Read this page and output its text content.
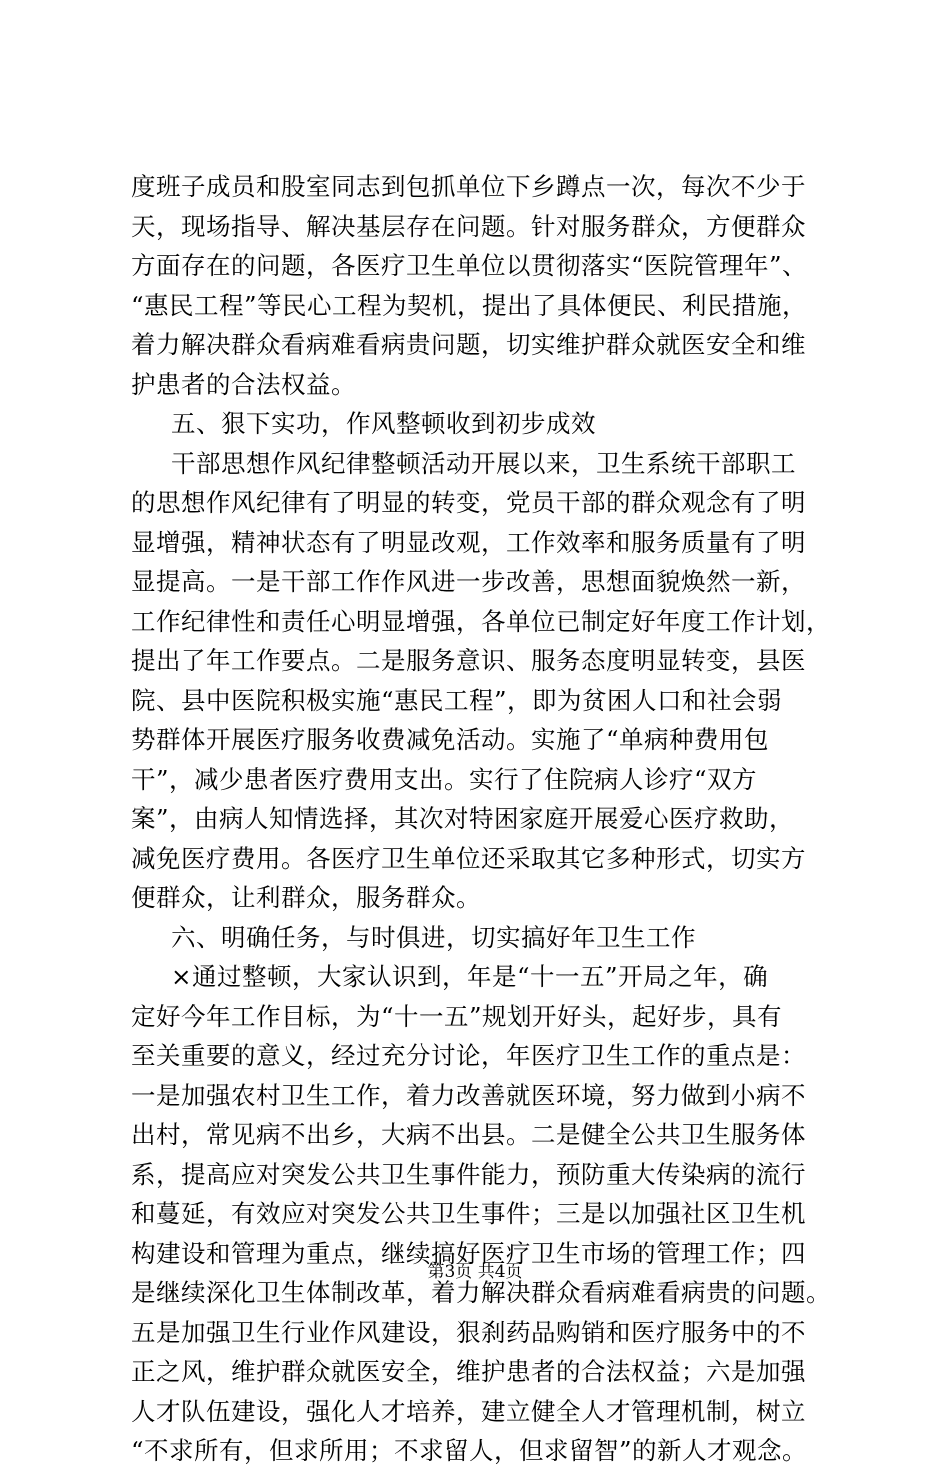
度班子成员和股室同志到包抓单位下乡蹲点一次，每次不少于
天，现场指导、解决基层存在问题。针对服务群众，方便群众
方面存在的问题，各医疗卫生单位以贯彻落实“医院管理年”、
“惠民工程”等民心工程为契机，提出了具体便民、利民措施，
着力解决群众看病难看病贵问题，切实维护群众就医安全和维
护患者的合法权益。
五、狠下实功，作风整顿收到初步成效
干部思想作风纪律整顿活动开展以来，卫生系统干部职工
的思想作风纪律有了明显的转变，党员干部的群众观念有了明
显增强，精神状态有了明显改观，工作效率和服务质量有了明
显提高。一是干部工作作风进一步改善，思想面貌焕然一新，
工作纪律性和责任心明显增强，各单位已制定好年度工作计划，
提出了年工作要点。二是服务意识、服务态度明显转变，县医
院、县中医院积极实施“惠民工程”，即为贫困人口和社会弱
势群体开展医疗服务收费减免活动。实施了“单病种费用包
干”，减少患者医疗费用支出。实行了住院病人诊疗“双方
案”，由病人知情选择，其次对特困家庭开展爱心医疗救助，
减免医疗费用。各医疗卫生单位还采取其它多种形式，切实方
便群众，让利群众，服务群众。
六、明确任务，与时俱进，切实搞好年卫生工作
×通过整顿，大家认识到，年是“十一五”开局之年，确
定好今年工作目标，为“十一五”规划开好头，起好步，具有
至关重要的意义，经过充分讨论，年医疗卫生工作的重点是：
一是加强农村卫生工作，着力改善就医环境，努力做到小病不
出村，常见病不出乡，大病不出县。二是健全公共卫生服务体
系，提高应对突发公共卫生事件能力，预防重大传染病的流行
和蔓延，有效应对突发公共卫生事件；三是以加强社区卫生机
构建设和管理为重点，继续搞好医疗卫生市场的管理工作；四
是继续深化卫生体制改革，着力解决群众看病难看病贵的问题。
五是加强卫生行业作风建设，狠刹药品购销和医疗服务中的不
正之风，维护群众就医安全，维护患者的合法权益；六是加强
人才队伍建设，强化人才培养，建立健全人才管理机制，树立
“不求所有，但求所用；不求留人，但求留智”的新人才观念。
第3页 共4页
